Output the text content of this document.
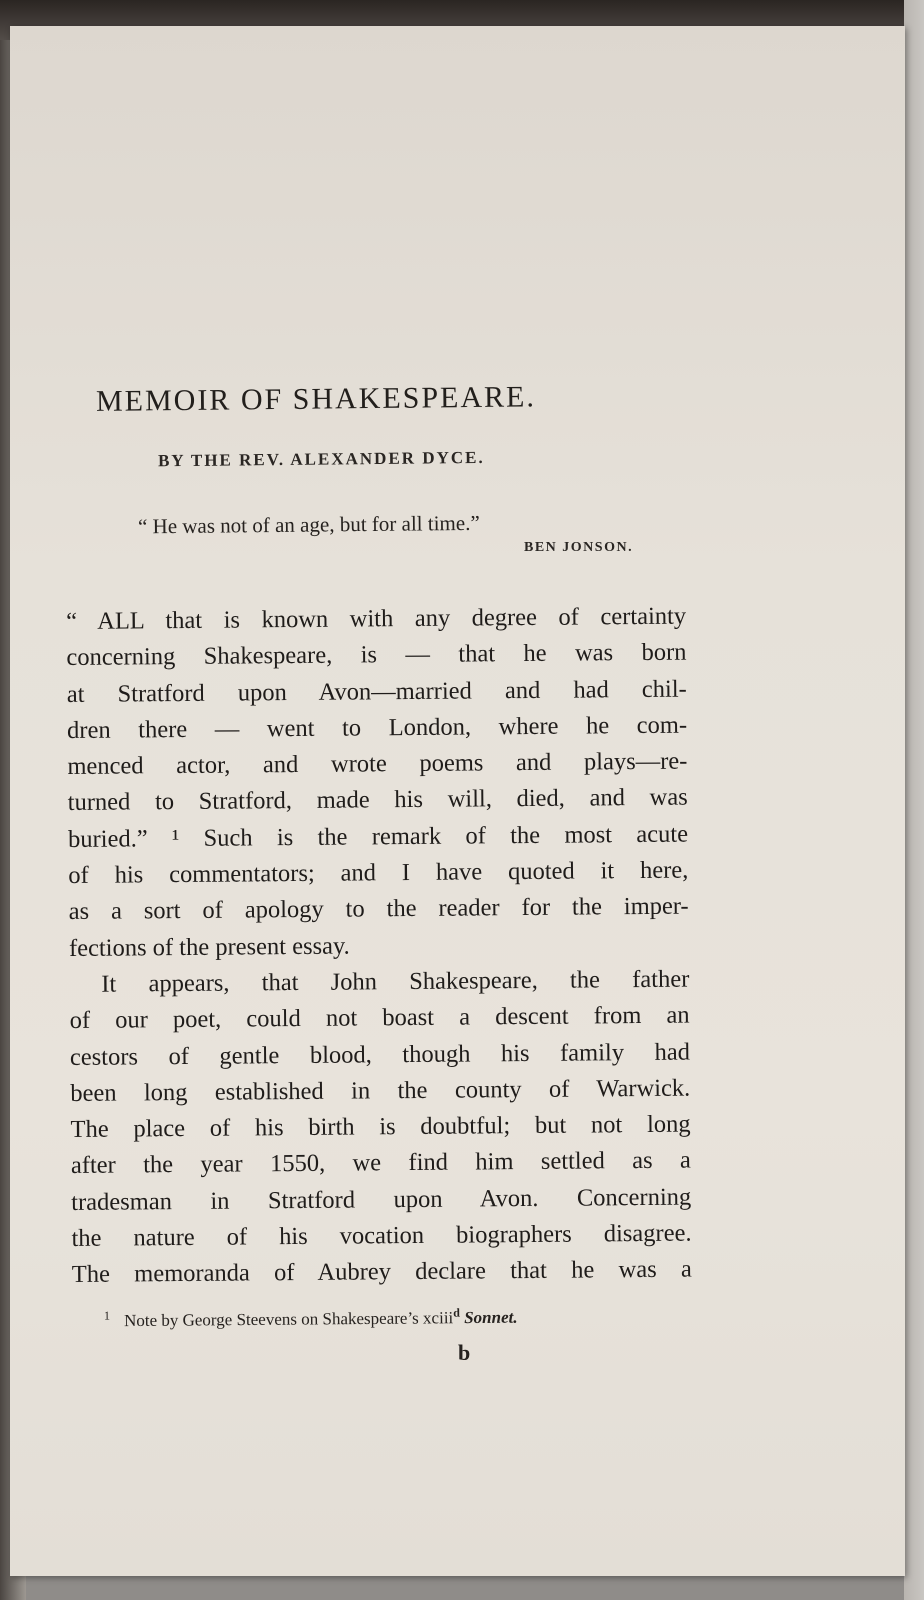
MEMOIR OF SHAKESPEARE.
BY THE REV. ALEXANDER DYCE.
“ He was not of an age, but for all time.”
BEN JONSON.
“ ALL that is known with any degree of certainty
concerning Shakespeare, is — that he was born
at Stratford upon Avon—married and had chil-
dren there — went to London, where he com-
menced actor, and wrote poems and plays—re-
turned to Stratford, made his will, died, and was
buried.” ¹ Such is the remark of the most acute
of his commentators; and I have quoted it here,
as a sort of apology to the reader for the imper-
fections of the present essay.
It appears, that John Shakespeare, the father
of our poet, could not boast a descent from an
cestors of gentle blood, though his family had
been long established in the county of Warwick.
The place of his birth is doubtful; but not long
after the year 1550, we find him settled as a
tradesman in Stratford upon Avon. Concerning
the nature of his vocation biographers disagree.
The memoranda of Aubrey declare that he was a
$^1$ Note by George Steevens on Shakespeare’s xciii$^d$ Sonnet.
b
